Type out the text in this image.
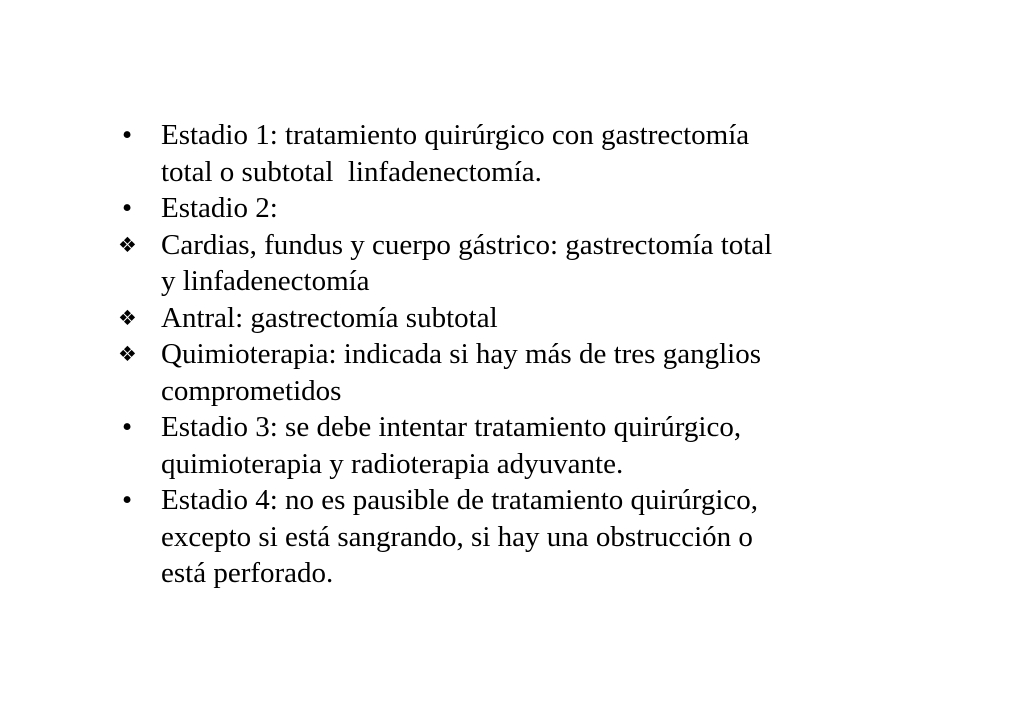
• Estadio 1: tratamiento quirúrgico con gastrectomía
total o subtotal  linfadenectomía.
• Estadio 2:
❖ Cardias, fundus y cuerpo gástrico: gastrectomía total
y linfadenectomía
❖ Antral: gastrectomía subtotal
❖ Quimioterapia: indicada si hay más de tres ganglios
comprometidos
• Estadio 3: se debe intentar tratamiento quirúrgico,
quimioterapia y radioterapia adyuvante.
• Estadio 4: no es pausible de tratamiento quirúrgico,
excepto si está sangrando, si hay una obstrucción o
está perforado.
